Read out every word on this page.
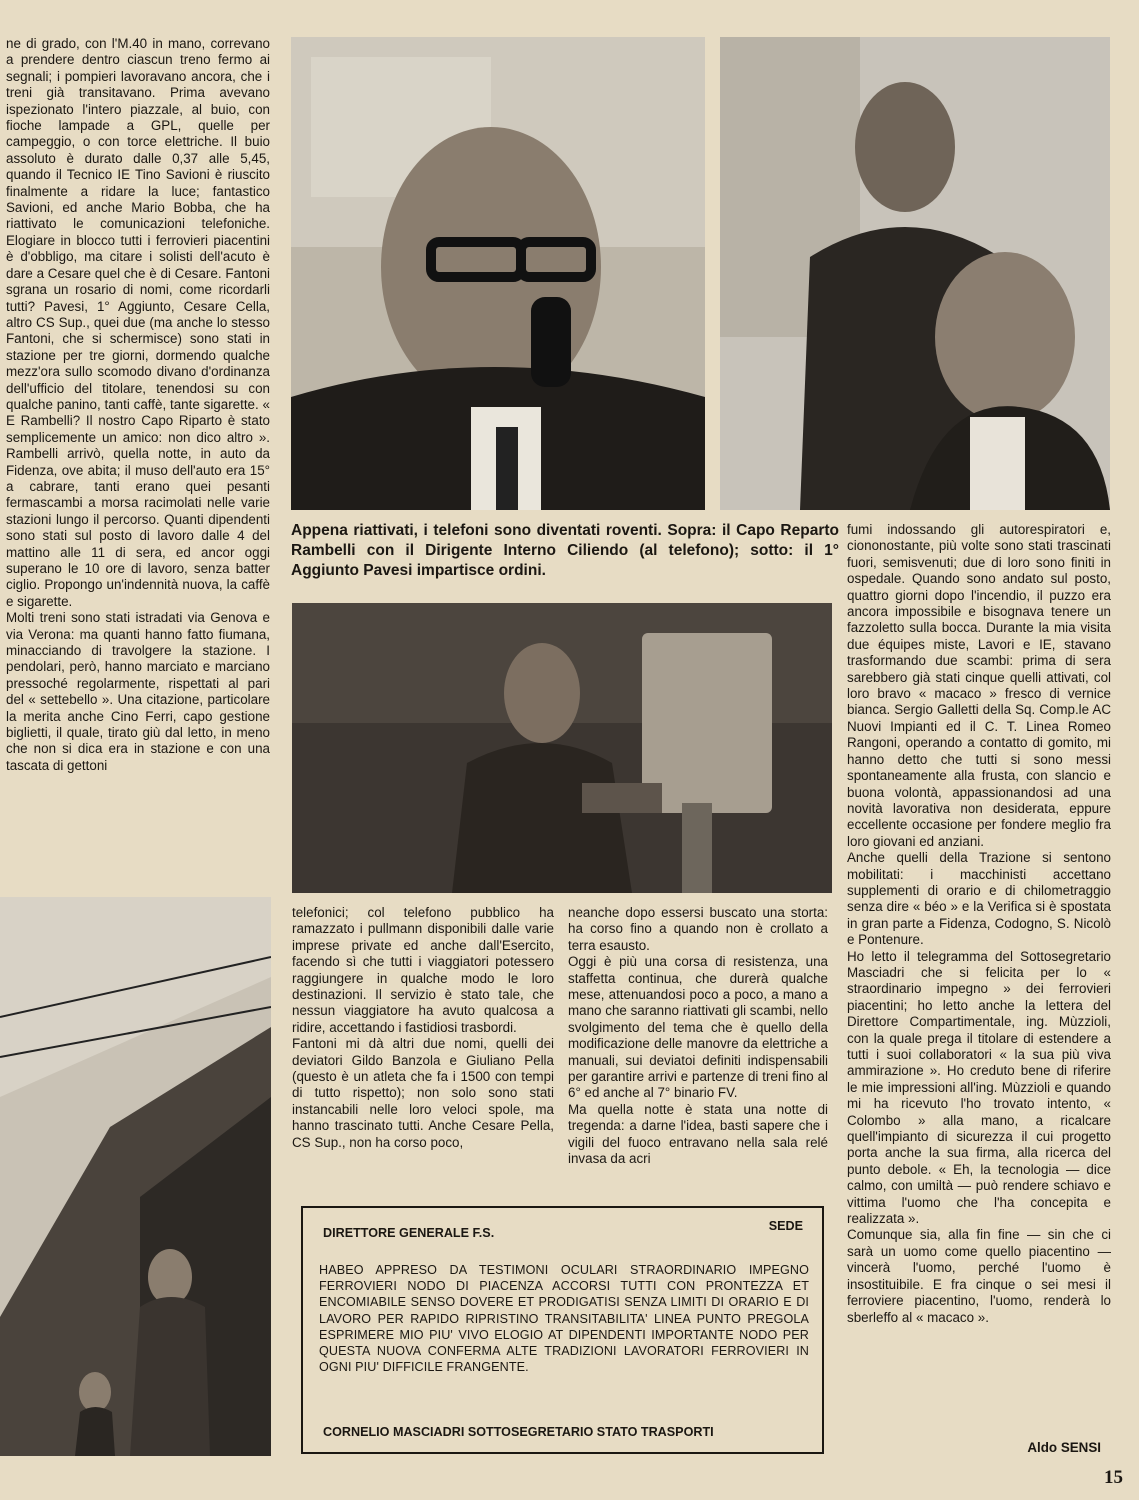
ne di grado, con l'M.40 in mano, correvano a prendere dentro ciascun treno fermo ai segnali; i pompieri lavoravano ancora, che i treni già transitavano. Prima avevano ispezionato l'intero piazzale, al buio, con fioche lampade a GPL, quelle per campeggio, o con torce elettriche. Il buio assoluto è durato dalle 0,37 alle 5,45, quando il Tecnico IE Tino Savioni è riuscito finalmente a ridare la luce; fantastico Savioni, ed anche Mario Bobba, che ha riattivato le comunicazioni telefoniche. Elogiare in blocco tutti i ferrovieri piacentini è d'obbligo, ma citare i solisti dell'acuto è dare a Cesare quel che è di Cesare. Fantoni sgrana un rosario di nomi, come ricordarli tutti? Pavesi, 1° Aggiunto, Cesare Cella, altro CS Sup., quei due (ma anche lo stesso Fantoni, che si schermisce) sono stati in stazione per tre giorni, dormendo qualche mezz'ora sullo scomodo divano d'ordinanza dell'ufficio del titolare, tenendosi su con qualche panino, tanti caffè, tante sigarette. « E Rambelli? Il nostro Capo Riparto è stato semplicemente un amico: non dico altro ». Rambelli arrivò, quella notte, in auto da Fidenza, ove abita; il muso dell'auto era 15° a cabrare, tanti erano quei pesanti fermascambi a morsa racimolati nelle varie stazioni lungo il percorso. Quanti dipendenti sono stati sul posto di lavoro dalle 4 del mattino alle 11 di sera, ed ancor oggi superano le 10 ore di lavoro, senza batter ciglio. Propongo un'indennità nuova, la caffè e sigarette.

Molti treni sono stati istradati via Genova e via Verona: ma quanti hanno fatto fiumana, minacciando di travolgere la stazione. I pendolari, però, hanno marciato e marciano pressoché regolarmente, rispettati al pari del « settebello ». Una citazione, particolare la merita anche Cino Ferri, capo gestione biglietti, il quale, tirato giù dal letto, in meno che non si dica era in stazione e con una tascata di gettoni

Appena riattivati, i telefoni sono diventati roventi. Sopra: il Capo Reparto Rambelli con il Dirigente Interno Ciliendo (al telefono); sotto: il 1° Aggiunto Pavesi impartisce ordini.

telefonici; col telefono pubblico ha ramazzato i pullmann disponibili dalle varie imprese private ed anche dall'Esercito, facendo sì che tutti i viaggiatori potessero raggiungere in qualche modo le loro destinazioni. Il servizio è stato tale, che nessun viaggiatore ha avuto qualcosa a ridire, accettando i fastidiosi trasbordi.

Fantoni mi dà altri due nomi, quelli dei deviatori Gildo Banzola e Giuliano Pella (questo è un atleta che fa i 1500 con tempi di tutto rispetto); non solo sono stati instancabili nelle loro veloci spole, ma hanno trascinato tutti. Anche Cesare Pella, CS Sup., non ha corso poco,

neanche dopo essersi buscato una storta: ha corso fino a quando non è crollato a terra esausto.

Oggi è più una corsa di resistenza, una staffetta continua, che durerà qualche mese, attenuandosi poco a poco, a mano a mano che saranno riattivati gli scambi, nello svolgimento del tema che è quello della modificazione delle manovre da elettriche a manuali, sui deviatoi definiti indispensabili per garantire arrivi e partenze di treni fino al 6° ed anche al 7° binario FV.

Ma quella notte è stata una notte di tregenda: a darne l'idea, basti sapere che i vigili del fuoco entravano nella sala relé invasa da acri

fumi indossando gli autorespiratori e, ciononostante, più volte sono stati trascinati fuori, semisvenuti; due di loro sono finiti in ospedale. Quando sono andato sul posto, quattro giorni dopo l'incendio, il puzzo era ancora impossibile e bisognava tenere un fazzoletto sulla bocca. Durante la mia visita due équipes miste, Lavori e IE, stavano trasformando due scambi: prima di sera sarebbero già stati cinque quelli attivati, col loro bravo « macaco » fresco di vernice bianca. Sergio Galletti della Sq. Comp.le AC Nuovi Impianti ed il C. T. Linea Romeo Rangoni, operando a contatto di gomito, mi hanno detto che tutti si sono messi spontaneamente alla frusta, con slancio e buona volontà, appassionandosi ad una novità lavorativa non desiderata, eppure eccellente occasione per fondere meglio fra loro giovani ed anziani.

Anche quelli della Trazione si sentono mobilitati: i macchinisti accettano supplementi di orario e di chilometraggio senza dire « béo » e la Verifica si è spostata in gran parte a Fidenza, Codogno, S. Nicolò e Pontenure.

Ho letto il telegramma del Sottosegretario Masciadri che si felicita per lo « straordinario impegno » dei ferrovieri piacentini; ho letto anche la lettera del Direttore Compartimentale, ing. Mùzzioli, con la quale prega il titolare di estendere a tutti i suoi collaboratori « la sua più viva ammirazione ». Ho creduto bene di riferire le mie impressioni all'ing. Mùzzioli e quando mi ha ricevuto l'ho trovato intento, « Colombo » alla mano, a ricalcare quell'impianto di sicurezza il cui progetto porta anche la sua firma, alla ricerca del punto debole. « Eh, la tecnologia — dice calmo, con umiltà — può rendere schiavo e vittima l'uomo che l'ha concepita e realizzata ».

Comunque sia, alla fin fine — sin che ci sarà un uomo come quello piacentino — vincerà l'uomo, perché l'uomo è insostituibile. E fra cinque o sei mesi il ferroviere piacentino, l'uomo, renderà lo sberleffo al « macaco ».

DIRETTORE GENERALE F.S.	SEDE
HABEO APPRESO DA TESTIMONI OCULARI STRAORDINARIO IMPEGNO FERROVIERI NODO DI PIACENZA ACCORSI TUTTI CON PRONTEZZA ET ENCOMIABILE SENSO DOVERE ET PRODIGATISI SENZA LIMITI DI ORARIO E DI LAVORO PER RAPIDO RIPRISTINO TRANSITABILITA' LINEA PUNTO PREGOLA ESPRIMERE MIO PIU' VIVO ELOGIO AT DIPENDENTI IMPORTANTE NODO PER QUESTA NUOVA CONFERMA ALTE TRADIZIONI LAVORATORI FERROVIERI IN OGNI PIU' DIFFICILE FRANGENTE.
CORNELIO MASCIADRI SOTTOSEGRETARIO STATO TRASPORTI
Aldo SENSI
15
